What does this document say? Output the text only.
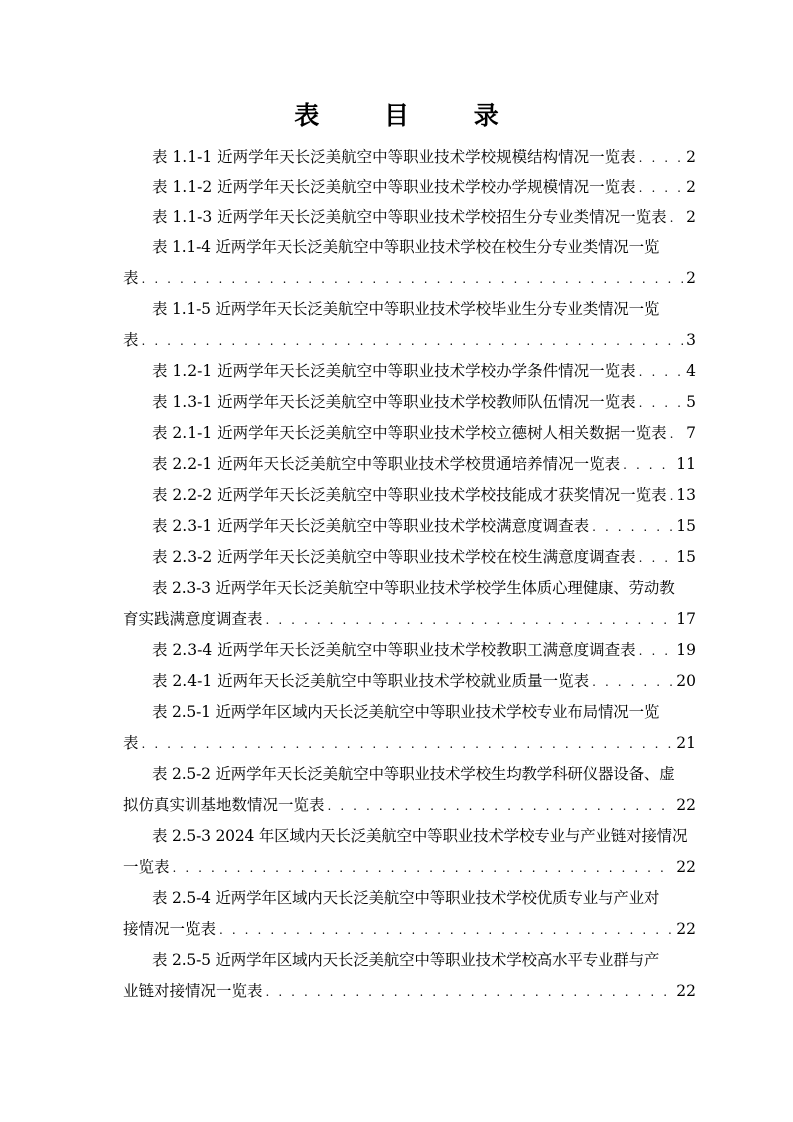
表 目 录
表 1.1-1 近两学年天长泛美航空中等职业技术学校规模结构情况一览表 . . .	2
表 1.1-2 近两学年天长泛美航空中等职业技术学校办学规模情况一览表 . . .	2
表 1.1-3 近两学年天长泛美航空中等职业技术学校招生分专业类情况一览表 . . . 2
表 1.1-4 近两学年天长泛美航空中等职业技术学校在校生分专业类情况一览
表 . . .	2
表 1.1-5 近两学年天长泛美航空中等职业技术学校毕业生分专业类情况一览
表 . . .	3
表 1.2-1 近两学年天长泛美航空中等职业技术学校办学条件情况一览表 . . .	4
表 1.3-1 近两学年天长泛美航空中等职业技术学校教师队伍情况一览表 . . .	5
表 2.1-1 近两学年天长泛美航空中等职业技术学校立德树人相关数据一览表 . . . 7
表 2.2-1 近两年天长泛美航空中等职业技术学校贯通培养情况一览表 . . .	11
表 2.2-2 近两学年天长泛美航空中等职业技术学校技能成才获奖情况一览表 . . . 13
表 2.3-1 近两学年天长泛美航空中等职业技术学校满意度调查表 . . .	15
表 2.3-2 近两学年天长泛美航空中等职业技术学校在校生满意度调查表 . . .	15
表 2.3-3 近两学年天长泛美航空中等职业技术学校学生体质心理健康、劳动教
育实践满意度调查表 . . .	17
表 2.3-4 近两学年天长泛美航空中等职业技术学校教职工满意度调查表 . . .	19
表 2.4-1 近两年天长泛美航空中等职业技术学校就业质量一览表 . . .	20
表 2.5-1 近两学年区域内天长泛美航空中等职业技术学校专业布局情况一览
表 . . .	21
表 2.5-2 近两学年天长泛美航空中等职业技术学校生均教学科研仪器设备、虚
拟仿真实训基地数情况一览表 . . .	22
表 2.5-3 2024 年区域内天长泛美航空中等职业技术学校专业与产业链对接情况
一览表 . . .	22
表 2.5-4 近两学年区域内天长泛美航空中等职业技术学校优质专业与产业对
接情况一览表 . . .	22
表 2.5-5 近两学年区域内天长泛美航空中等职业技术学校高水平专业群与产
业链对接情况一览表 . . .	22
